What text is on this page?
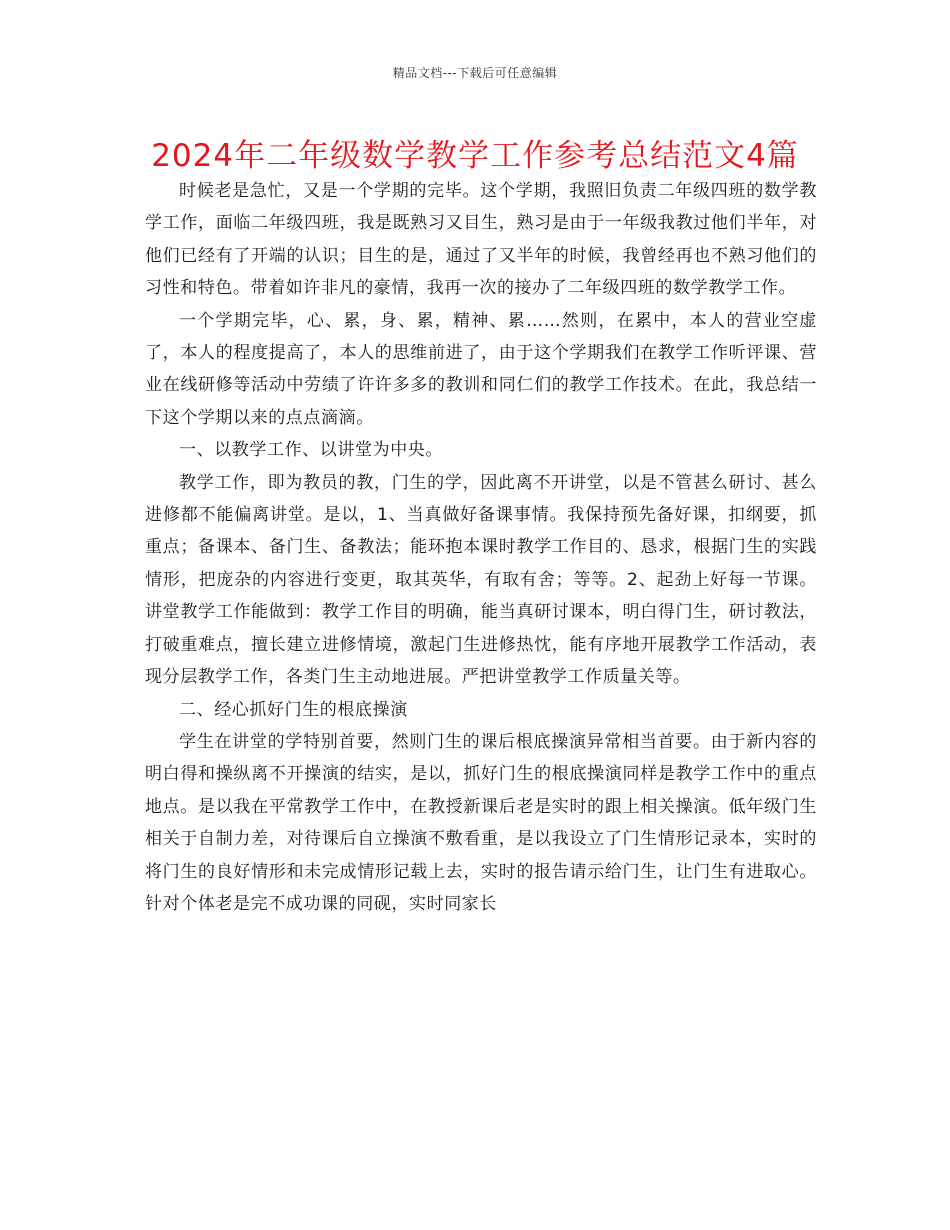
精品文档---下载后可任意编辑
2024年二年级数学教学工作参考总结范文4篇

时候老是急忙，又是一个学期的完毕。这个学期，我照旧负责二年级四班的数学教学工作，面临二年级四班，我是既熟习又目生，熟习是由于一年级我教过他们半年，对他们已经有了开端的认识；目生的是，通过了又半年的时候，我曾经再也不熟习他们的习性和特色。带着如许非凡的豪情，我再一次的接办了二年级四班的数学教学工作。

一个学期完毕，心、累，身、累，精神、累……然则，在累中，本人的营业空虚了，本人的程度提高了，本人的思维前进了，由于这个学期我们在教学工作听评课、营业在线研修等活动中劳绩了许许多多的教训和同仁们的教学工作技术。在此，我总结一下这个学期以来的点点滴滴。

一、以教学工作、以讲堂为中央。

教学工作，即为教员的教，门生的学，因此离不开讲堂，以是不管甚么研讨、甚么进修都不能偏离讲堂。是以，1、当真做好备课事情。我保持预先备好课，扣纲要，抓重点；备课本、备门生、备教法；能环抱本课时教学工作目的、恳求，根据门生的实践情形，把庞杂的内容进行变更，取其英华，有取有舍；等等。2、起劲上好每一节课。讲堂教学工作能做到：教学工作目的明确，能当真研讨课本，明白得门生，研讨教法，打破重难点，擅长建立进修情境，激起门生进修热忱，能有序地开展教学工作活动，表现分层教学工作，各类门生主动地进展。严把讲堂教学工作质量关等。

二、经心抓好门生的根底操演

学生在讲堂的学特别首要，然则门生的课后根底操演异常相当首要。由于新内容的明白得和操纵离不开操演的结实，是以，抓好门生的根底操演同样是教学工作中的重点地点。是以我在平常教学工作中，在教授新课后老是实时的跟上相关操演。低年级门生相关于自制力差，对待课后自立操演不敷看重，是以我设立了门生情形记录本，实时的将门生的良好情形和未完成情形记载上去，实时的报告请示给门生，让门生有进取心。针对个体老是完不成功课的同砚，实时同家长
